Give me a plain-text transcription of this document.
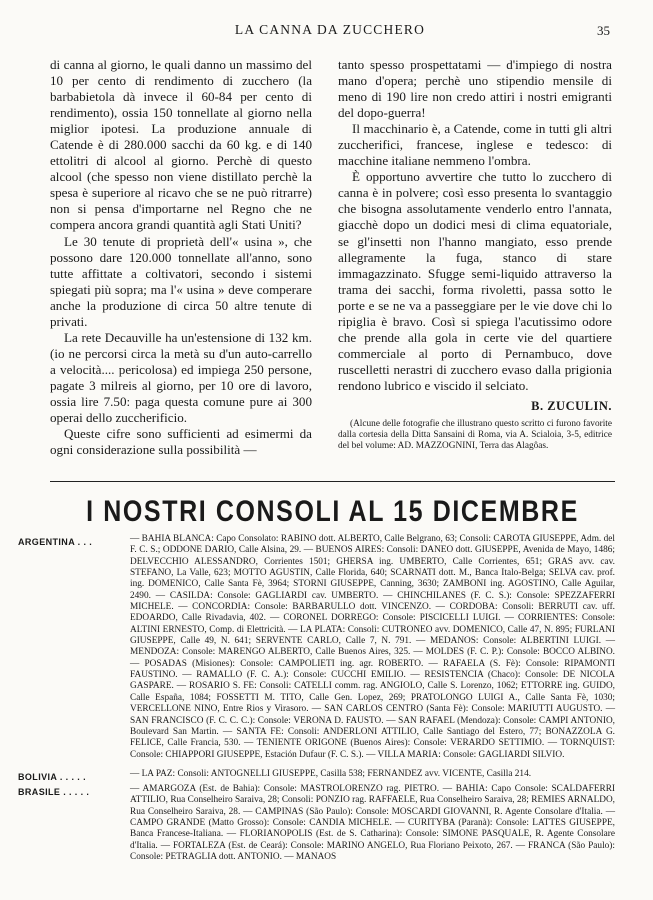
LA CANNA DA ZUCCHERO	35

di canna al giorno, le quali danno un massimo del 10 per cento di rendimento di zucchero (la barbabietola dà invece il 60-84 per cento di rendimento), ossia 150 tonnellate al giorno nella miglior ipotesi. La produzione annuale di Catende è di 280.000 sacchi da 60 kg. e di 140 ettolitri di alcool al giorno. Perchè di questo alcool (che spesso non viene distillato perchè la spesa è superiore al ricavo che se ne può ritrarre) non si pensa d'importarne nel Regno che ne compera ancora grandi quantità agli Stati Uniti?

Le 30 tenute di proprietà dell'« usina », che possono dare 120.000 tonnellate all'anno, sono tutte affittate a coltivatori, secondo i sistemi spiegati più sopra; ma l'« usina » deve comperare anche la produzione di circa 50 altre tenute di privati.

La rete Decauville ha un'estensione di 132 km. (io ne percorsi circa la metà su d'un auto-carrello a velocità.... pericolosa) ed impiega 250 persone, pagate 3 milreis al giorno, per 10 ore di lavoro, ossia lire 7.50: paga questa comune pure ai 300 operai dello zuccherificio.

Queste cifre sono sufficienti ad esimermi da ogni considerazione sulla possibilità —

tanto spesso prospettatami — d'impiego di nostra mano d'opera; perchè uno stipendio mensile di meno di 190 lire non credo attiri i nostri emigranti del dopo-guerra!

Il macchinario è, a Catende, come in tutti gli altri zuccherifici, francese, inglese e tedesco: di macchine italiane nemmeno l'ombra.

È opportuno avvertire che tutto lo zucchero di canna è in polvere; così esso presenta lo svantaggio che bisogna assolutamente venderlo entro l'annata, giacchè dopo un dodici mesi di clima equatoriale, se gl'insetti non l'hanno mangiato, esso prende allegramente la fuga, stanco di stare immagazzinato. Sfugge semi-liquido attraverso la trama dei sacchi, forma rivoletti, passa sotto le porte e se ne va a passeggiare per le vie dove chi lo ripiglia è bravo. Così si spiega l'acutissimo odore che prende alla gola in certe vie del quartiere commerciale al porto di Pernambuco, dove ruscelletti nerastri di zucchero evaso dalla prigionia rendono lubrico e viscido il selciato.

B. ZUCULIN.
(Alcune delle fotografie che illustrano questo scritto ci furono favorite dalla cortesia della Ditta Sansaini di Roma, via A. Scialoia, 3-5, editrice del bel volume: AD. MAZZOGNINI, Terra das Alagôas.
I NOSTRI CONSOLI AL 15 DICEMBRE
ARGENTINA . . .	— BAHIA BLANCA: Capo Consolato: RABINO dott. ALBERTO, Calle Belgrano, 63; Consoli: CAROTA GIUSEPPE, Adm. del F. C. S.; ODDONE DARIO, Calle Alsina, 29. — BUENOS AIRES: Consoli: DANEO dott. GIUSEPPE, Avenida de Mayo, 1486; DELVECCHIO ALESSANDRO, Corrientes 1501; GHERSA ing. UMBERTO, Calle Corrientes, 651; GRAS avv. cav. STEFANO, La Valle, 623; MOTTO AGUSTIN, Calle Florida, 640; SCARNATI dott. M., Banca Italo-Belga; SELVA cav. prof. ing. DOMENICO, Calle Santa Fè, 3964; STORNI GIUSEPPE, Canning, 3630; ZAMBONI ing. AGOSTINO, Calle Aguilar, 2490. — CASILDA: Console: GAGLIARDI cav. UMBERTO. — CHINCHILANES (F. C. S.): Console: SPEZZAFERRI MICHELE. — CONCORDIA: Console: BARBARULLO dott. VINCENZO. — CORDOBA: Consoli: BERRUTI cav. uff. EDOARDO, Calle Rivadavia, 402. — CORONEL DORREGO: Console: PISCICELLI LUIGI. — CORRIENTES: Console: ALTINI ERNESTO, Comp. di Elettricità. — LA PLATA: Consoli: CUTRONEO avv. DOMENICO, Calle 47, N. 895; FURLANI GIUSEPPE, Calle 49, N. 641; SERVENTE CARLO, Calle 7, N. 791. — MEDANOS: Console: ALBERTINI LUIGI. — MENDOZA: Console: MARENGO ALBERTO, Calle Buenos Aires, 325. — MOLDES (F. C. P.): Console: BOCCO ALBINO. — POSADAS (Misiones): Console: CAMPOLIETI ing. agr. ROBERTO. — RAFAELA (S. Fè): Console: RIPAMONTI FAUSTINO. — RAMALLO (F. C. A.): Console: CUCCHI EMILIO. — RESISTENCIA (Chaco): Console: DE NICOLA GASPARE. — ROSARIO S. FE: Consoli: CATELLI comm. rag. ANGIOLO, Calle S. Lorenzo, 1062; ETTORRE ing. GUIDO, Calle España, 1084; FOSSETTI M. TITO, Calle Gen. Lopez, 269; PRATOLONGO LUIGI A., Calle Santa Fè, 1030; VERCELLONE NINO, Entre Rios y Virasoro. — SAN CARLOS CENTRO (Santa Fè): Console: MARIUTTI AUGUSTO. — SAN FRANCISCO (F. C. C. C.): Console: VERONA D. FAUSTO. — SAN RAFAEL (Mendoza): Console: CAMPI ANTONIO, Boulevard San Martin. — SANTA FE: Consoli: ANDERLONI ATTILIO, Calle Santiago del Estero, 77; BONAZZOLA G. FELICE, Calle Francia, 530. — TENIENTE ORIGONE (Buenos Aires): Console: VERARDO SETTIMIO. — TORNQUIST: Console: CHIAPPORI GIUSEPPE, Estación Dufaur (F. C. S.). — VILLA MARIA: Console: GAGLIARDI SILVIO.
BOLIVIA . . . . .	— LA PAZ: Consoli: ANTOGNELLI GIUSEPPE, Casilla 538; FERNANDEZ avv. VICENTE, Casilla 214.
BRASILE . . . . .	— AMARGOZA (Est. de Bahia): Console: MASTROLORENZO rag. PIETRO. — BAHIA: Capo Console: SCALDAFERRI ATTILIO, Rua Conselheiro Saraiva, 28; Consoli: PONZIO rag. RAFFAELE, Rua Conselheiro Saraiva, 28; REMIES ARNALDO, Rua Conselheiro Saraiva, 28. — CAMPINAS (São Paulo): Console: MOSCARDI GIOVANNI, R. Agente Consolare d'Italia. — CAMPO GRANDE (Matto Grosso): Console: CANDIA MICHELE. — CURITYBA (Paranà): Console: LATTES GIUSEPPE, Banca Francese-Italiana. — FLORIANOPOLIS (Est. de S. Catharina): Console: SIMONE PASQUALE, R. Agente Consolare d'Italia. — FORTALEZA (Est. de Ceará): Console: MARINO ANGELO, Rua Floriano Peixoto, 267. — FRANCA (São Paulo): Console: PETRAGLIA dott. ANTONIO. — MANAOS
